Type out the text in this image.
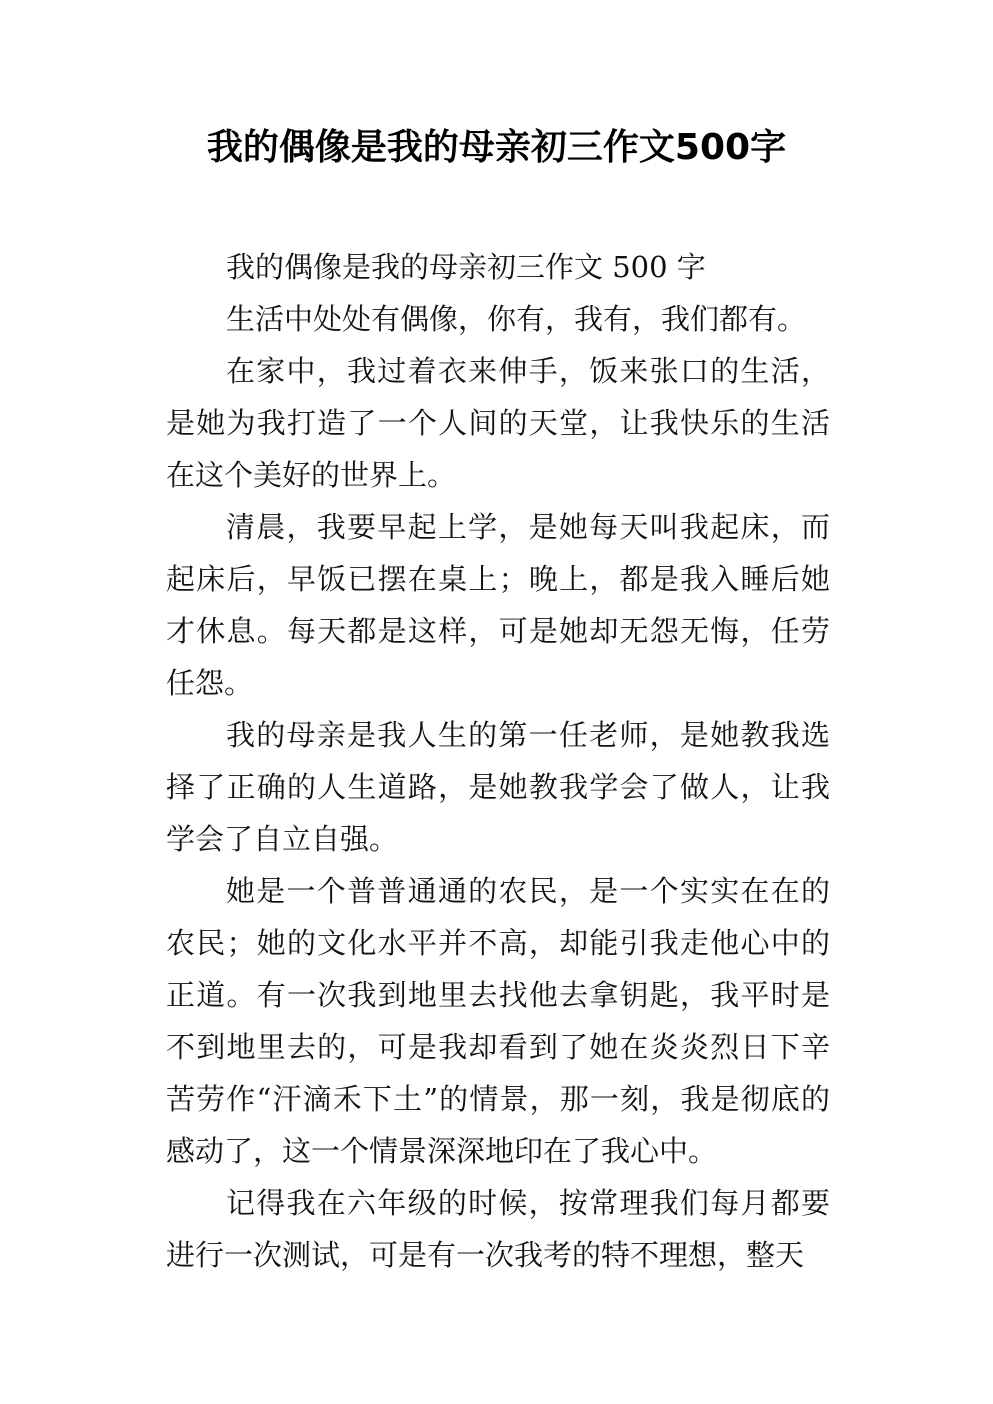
我的偶像是我的母亲初三作文500字

我的偶像是我的母亲初三作文 500 字

生活中处处有偶像，你有，我有，我们都有。

在家中，我过着衣来伸手，饭来张口的生活，是她为我打造了一个人间的天堂，让我快乐的生活在这个美好的世界上。

清晨，我要早起上学，是她每天叫我起床，而起床后，早饭已摆在桌上；晚上，都是我入睡后她才休息。每天都是这样，可是她却无怨无悔，任劳任怨。

我的母亲是我人生的第一任老师，是她教我选择了正确的人生道路，是她教我学会了做人，让我学会了自立自强。

她是一个普普通通的农民，是一个实实在在的农民；她的文化水平并不高，却能引我走他心中的正道。有一次我到地里去找他去拿钥匙，我平时是不到地里去的，可是我却看到了她在炎炎烈日下辛苦劳作“汗滴禾下土”的情景，那一刻，我是彻底的感动了，这一个情景深深地印在了我心中。

记得我在六年级的时候，按常理我们每月都要进行一次测试，可是有一次我考的特不理想，整天
